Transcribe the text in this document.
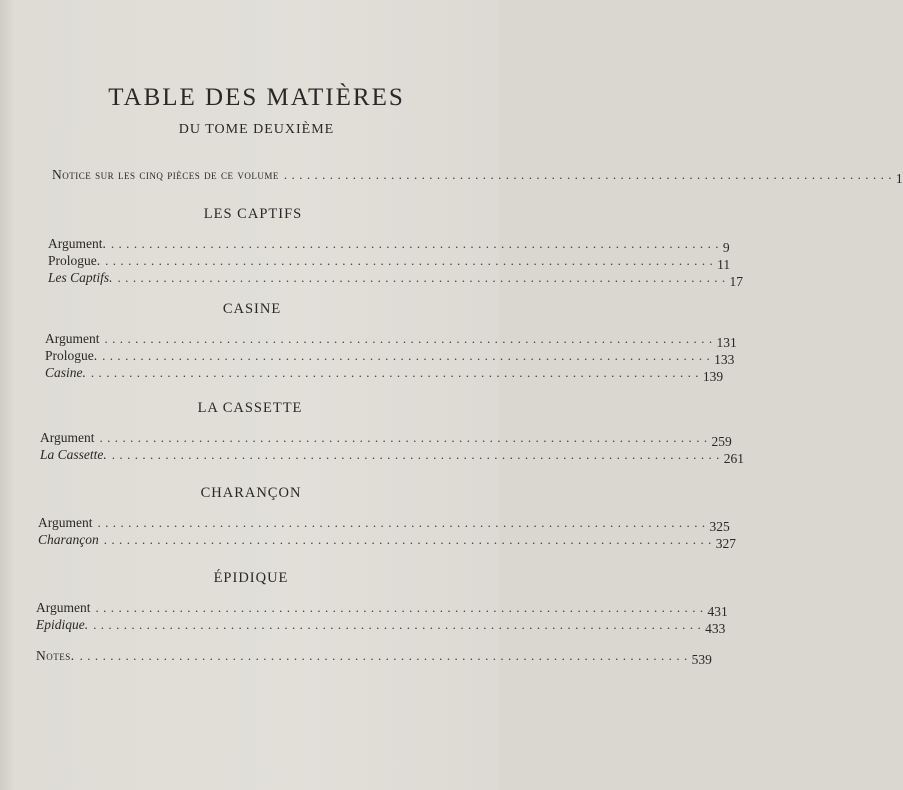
TABLE DES MATIÈRES
DU TOME DEUXIÈME
Notice sur les cinq pièces de ce volume ................................................................................ 1
LES CAPTIFS
Argument. ................................................................................ 9
Prologue. ................................................................................ 11
Les Captifs. ................................................................................ 17
CASINE
Argument ................................................................................ 131
Prologue. ................................................................................ 133
Casine. ................................................................................ 139
LA CASSETTE
Argument ................................................................................ 259
La Cassette. ................................................................................ 261
CHARANÇON
Argument ................................................................................ 325
Charançon ................................................................................ 327
ÉPIDIQUE
Argument ................................................................................ 431
Epidique. ................................................................................ 433
Notes. ................................................................................ 539
